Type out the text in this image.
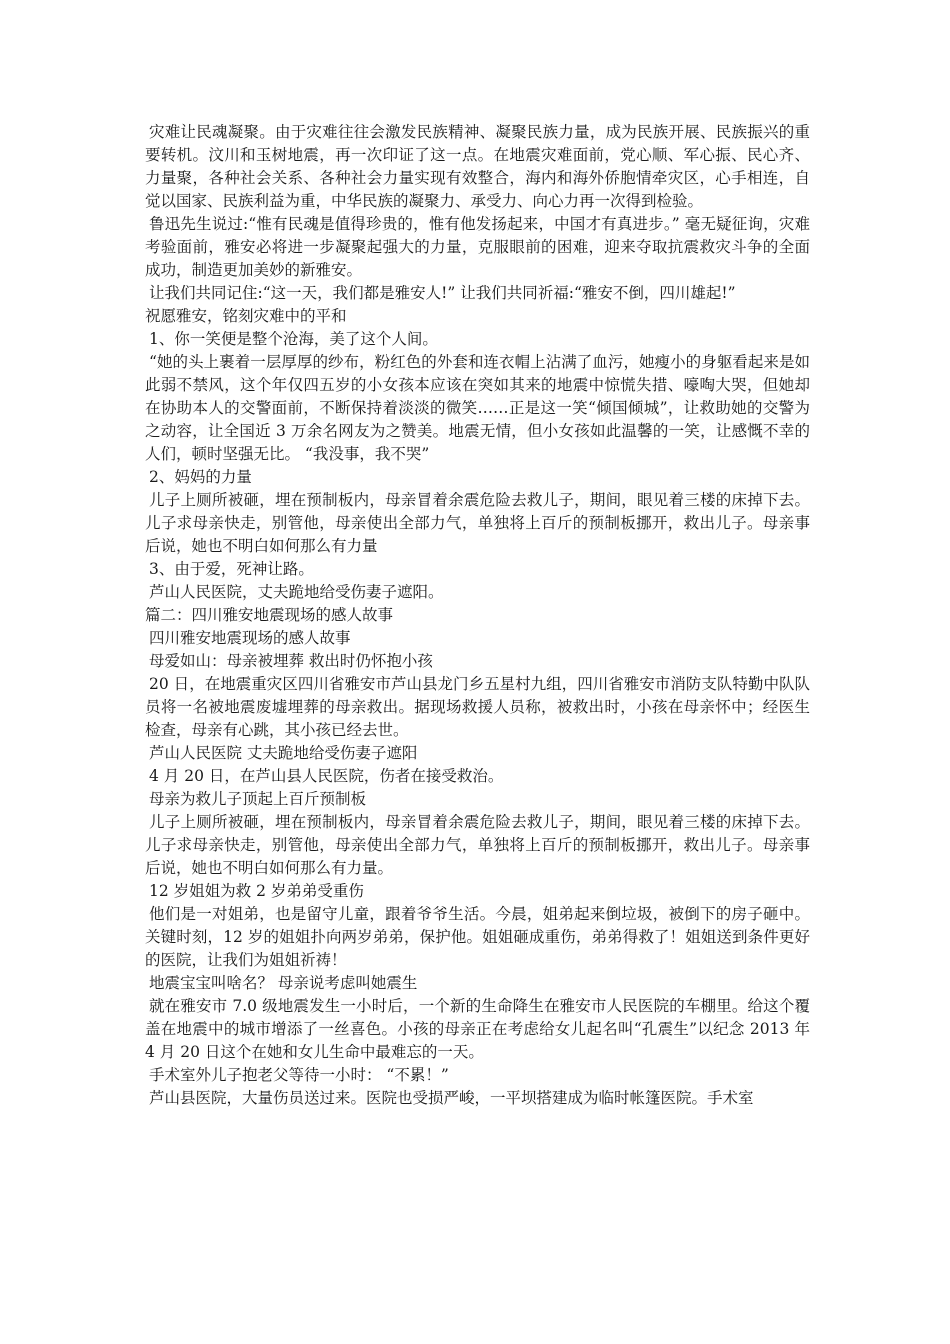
灾难让民魂凝聚。由于灾难往往会激发民族精神、凝聚民族力量，成为民族开展、民族振兴的重要转机。汶川和玉树地震，再一次印证了这一点。在地震灾难面前，党心顺、军心振、民心齐、力量聚，各种社会关系、各种社会力量实现有效整合，海内和海外侨胞情牵灾区，心手相连，自觉以国家、民族利益为重，中华民族的凝聚力、承受力、向心力再一次得到检验。

鲁迅先生说过:“惟有民魂是值得珍贵的，惟有他发扬起来，中国才有真进步。” 毫无疑征询，灾难考验面前，雅安必将进一步凝聚起强大的力量，克服眼前的困难，迎来夺取抗震救灾斗争的全面成功，制造更加美妙的新雅安。

让我们共同记住:“这一天，我们都是雅安人!” 让我们共同祈福:“雅安不倒，四川雄起!”

祝愿雅安，铭刻灾难中的平和

1、你一笑便是整个沧海，美了这个人间。

“她的头上裹着一层厚厚的纱布，粉红色的外套和连衣帽上沾满了血污，她瘦小的身躯看起来是如此弱不禁风，这个年仅四五岁的小女孩本应该在突如其来的地震中惊慌失措、嚎啕大哭，但她却在协助本人的交警面前，不断保持着淡淡的微笑……正是这一笑“倾国倾城”，让救助她的交警为之动容，让全国近 3 万余名网友为之赞美。地震无情，但小女孩如此温馨的一笑，让感慨不幸的人们，顿时坚强无比。 “我没事，我不哭”

2、妈妈的力量

儿子上厕所被砸，埋在预制板内，母亲冒着余震危险去救儿子，期间，眼见着三楼的床掉下去。儿子求母亲快走，别管他，母亲使出全部力气，单独将上百斤的预制板挪开，救出儿子。母亲事后说，她也不明白如何那么有力量

3、由于爱，死神让路。

芦山人民医院，丈夫跪地给受伤妻子遮阳。

篇二：四川雅安地震现场的感人故事

四川雅安地震现场的感人故事

母爱如山：母亲被埋葬 救出时仍怀抱小孩

20 日，在地震重灾区四川省雅安市芦山县龙门乡五星村九组，四川省雅安市消防支队特勤中队队员将一名被地震废墟埋葬的母亲救出。据现场救援人员称，被救出时，小孩在母亲怀中；经医生检查，母亲有心跳，其小孩已经去世。

芦山人民医院 丈夫跪地给受伤妻子遮阳

4 月 20 日，在芦山县人民医院，伤者在接受救治。

母亲为救儿子顶起上百斤预制板

儿子上厕所被砸，埋在预制板内，母亲冒着余震危险去救儿子，期间，眼见着三楼的床掉下去。儿子求母亲快走，别管他，母亲使出全部力气，单独将上百斤的预制板挪开，救出儿子。母亲事后说，她也不明白如何那么有力量。

12 岁姐姐为救 2 岁弟弟受重伤

他们是一对姐弟，也是留守儿童，跟着爷爷生活。今晨，姐弟起来倒垃圾，被倒下的房子砸中。关键时刻，12 岁的姐姐扑向两岁弟弟，保护他。姐姐砸成重伤，弟弟得救了！姐姐送到条件更好的医院，让我们为姐姐祈祷！

地震宝宝叫啥名？ 母亲说考虑叫她震生

就在雅安市 7.0 级地震发生一小时后，一个新的生命降生在雅安市人民医院的车棚里。给这个覆盖在地震中的城市增添了一丝喜色。小孩的母亲正在考虑给女儿起名叫“孔震生”以纪念 2013 年 4 月 20 日这个在她和女儿生命中最难忘的一天。

手术室外儿子抱老父等待一小时： “不累！”

芦山县医院，大量伤员送过来。医院也受损严峻，一平坝搭建成为临时帐篷医院。手术室
